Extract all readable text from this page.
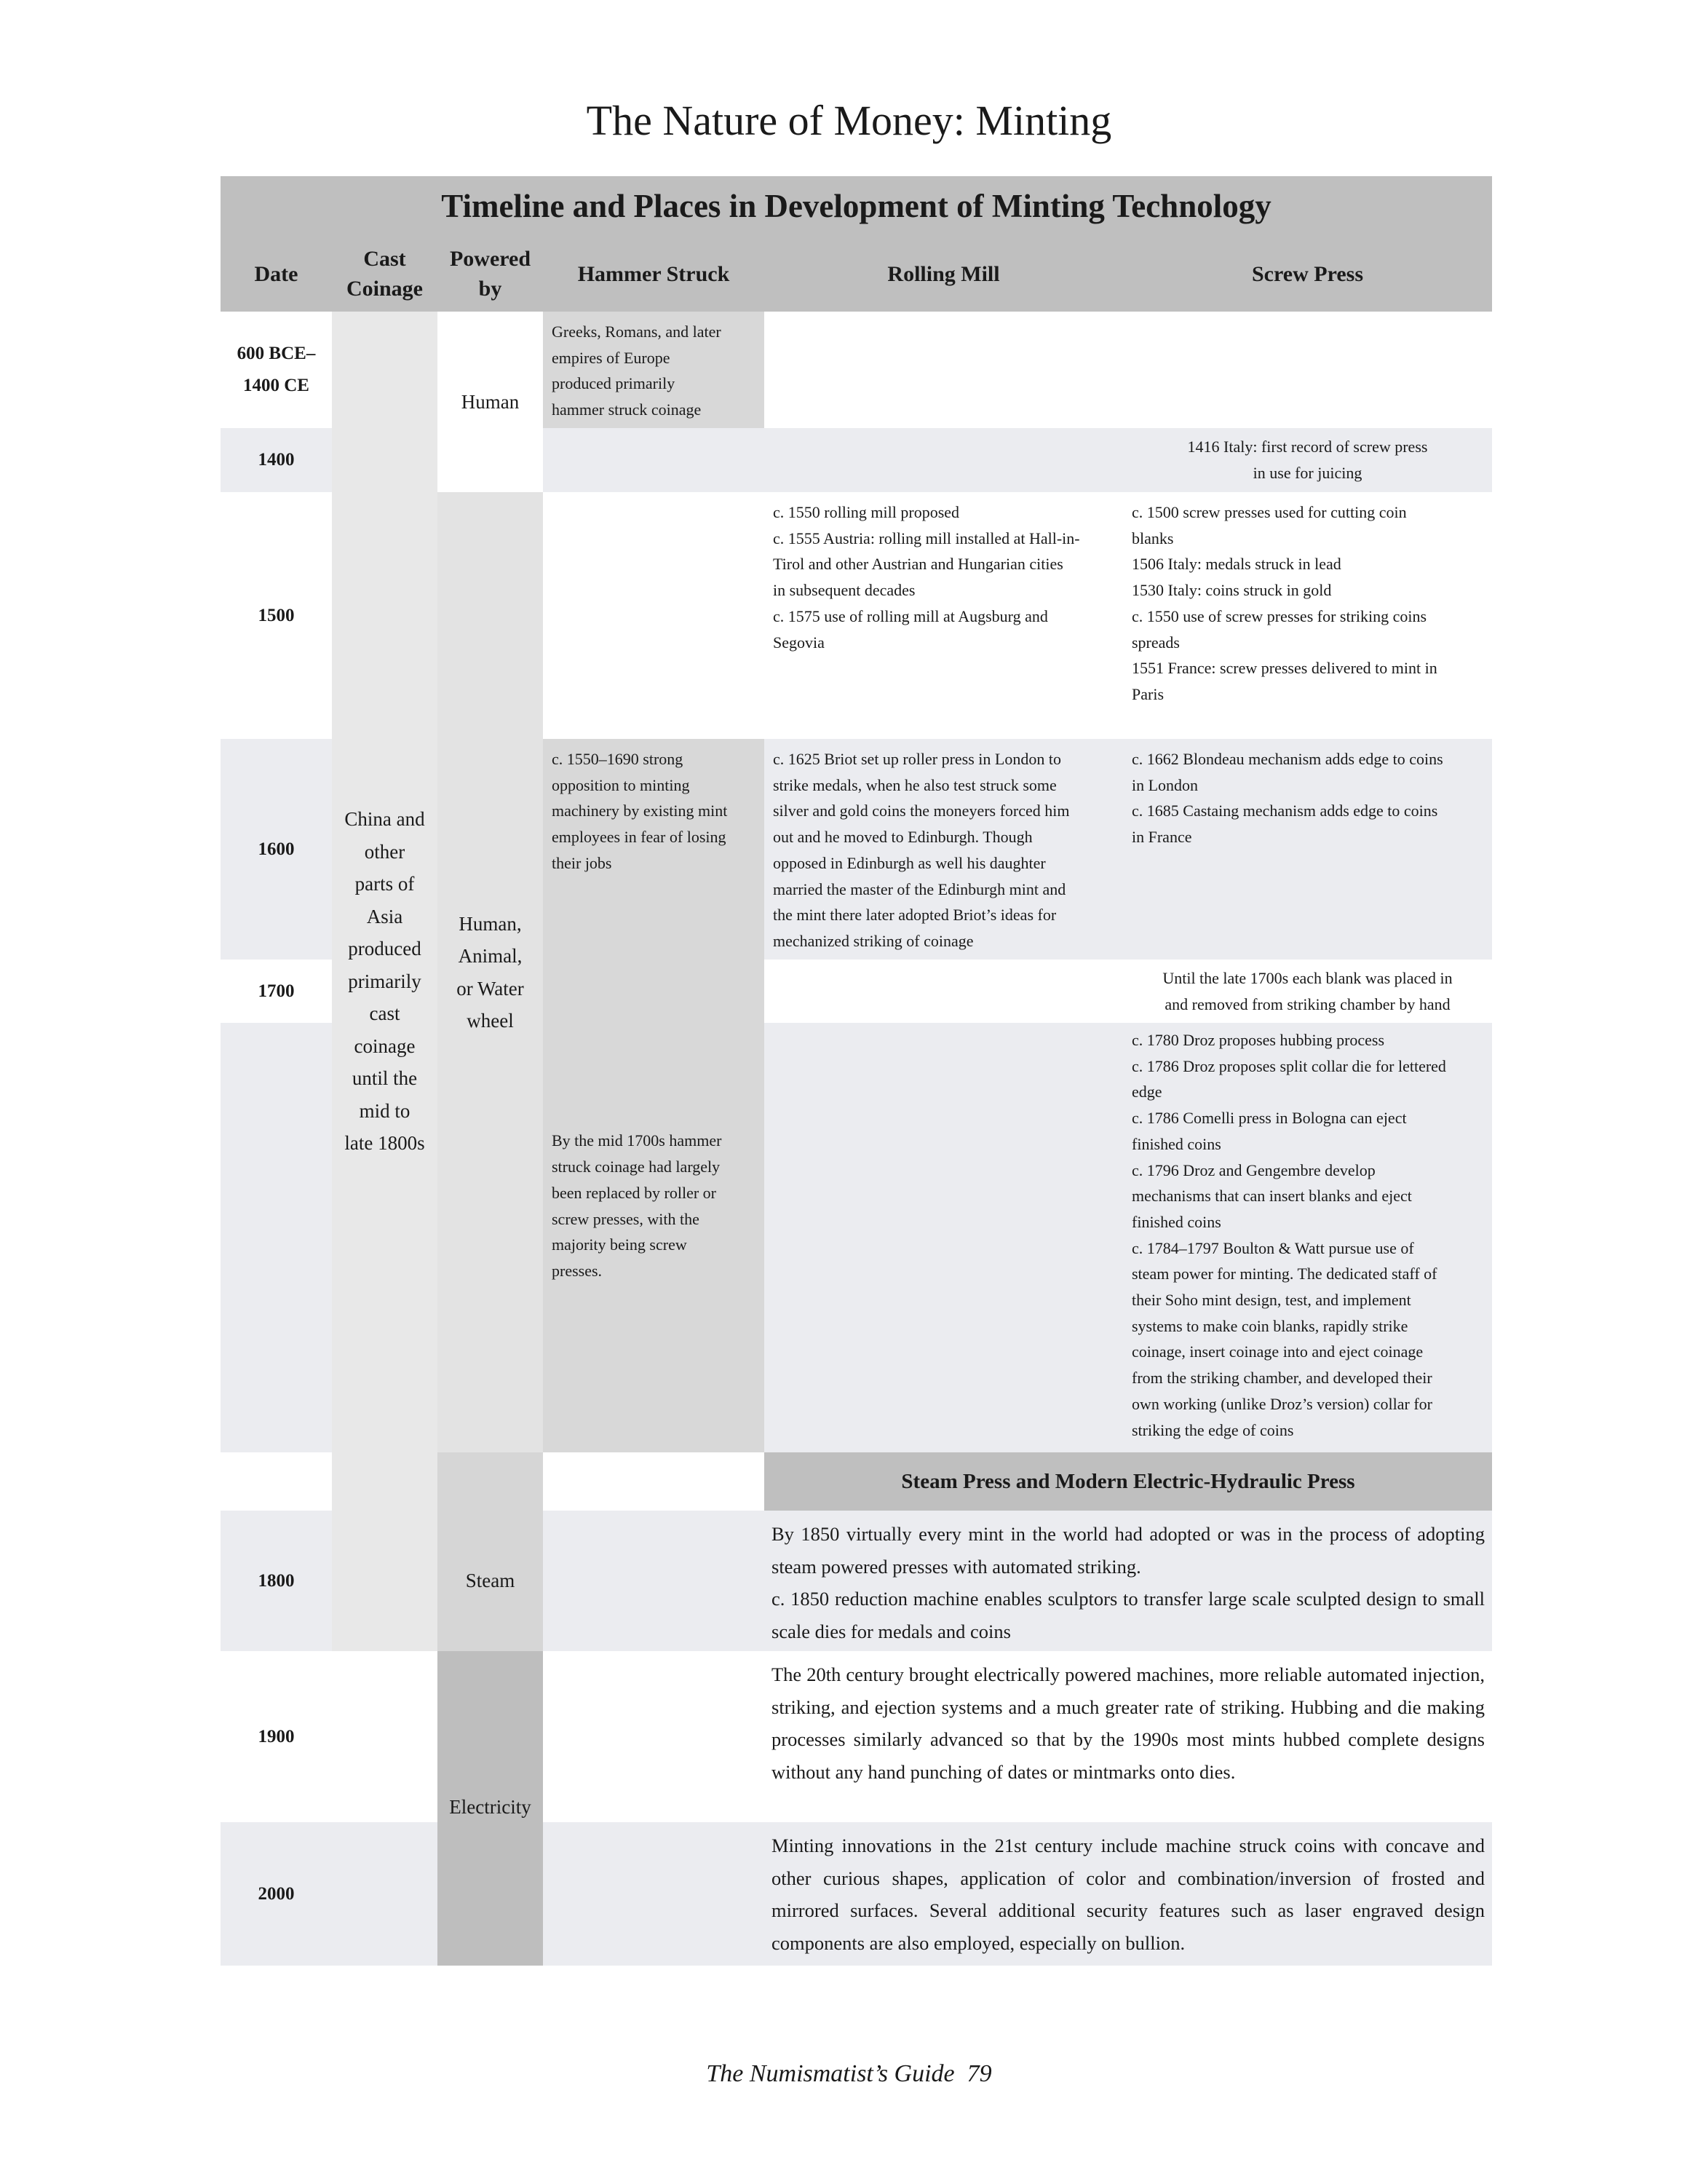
The Nature of Money: Minting
Timeline and Places in Development of Minting Technology
Date
Cast
Coinage
Powered
by
Hammer Struck	Rolling Mill	Screw Press
China and
other
parts of
Asia
produced
primarily
cast
coinage
until the
mid to
late 1800s
Human
Human,
Animal,
or Water
wheel
Steam
Electricity
600 BCE–
1400 CE
1400
1500
1600
1700
1800
1900
2000
Greeks, Romans, and later
empires of Europe
produced primarily
hammer struck coinage
c. 1550–1690 strong
opposition to minting
machinery by existing mint
employees in fear of losing
their jobs
By the mid 1700s hammer
struck coinage had largely
been replaced by roller or
screw presses, with the
majority being screw
presses.
1416 Italy: first record of screw press
in use for juicing
c. 1550 rolling mill proposed
c. 1555 Austria: rolling mill installed at Hall-in-
Tirol and other Austrian and Hungarian cities
in subsequent decades
c. 1575 use of rolling mill at Augsburg and
Segovia
c. 1500 screw presses used for cutting coin
blanks
1506 Italy: medals struck in lead
1530 Italy: coins struck in gold
c. 1550 use of screw presses for striking coins
spreads
1551 France: screw presses delivered to mint in
Paris
c. 1625 Briot set up roller press in London to
strike medals, when he also test struck some
silver and gold coins the moneyers forced him
out and he moved to Edinburgh. Though
opposed in Edinburgh as well his daughter
married the master of the Edinburgh mint and
the mint there later adopted Briot’s ideas for
mechanized striking of coinage
c. 1662 Blondeau mechanism adds edge to coins
in London
c. 1685 Castaing mechanism adds edge to coins
in France
Until the late 1700s each blank was placed in
and removed from striking chamber by hand
c. 1780 Droz proposes hubbing process
c. 1786 Droz proposes split collar die for lettered
edge
c. 1786 Comelli press in Bologna can eject
finished coins
c. 1796 Droz and Gengembre develop
mechanisms that can insert blanks and eject
finished coins
c. 1784–1797 Boulton & Watt pursue use of
steam power for minting. The dedicated staff of
their Soho mint design, test, and implement
systems to make coin blanks, rapidly strike
coinage, insert coinage into and eject coinage
from the striking chamber, and developed their
own working (unlike Droz’s version) collar for
striking the edge of coins
Steam Press and Modern Electric-Hydraulic Press
By 1850 virtually every mint in the world had adopted or was in the process of adopting steam powered presses with automated striking.
c. 1850 reduction machine enables sculptors to transfer large scale sculpted design to small scale dies for medals and coins
The 20th century brought electrically powered machines, more reliable automated injection, striking, and ejection systems and a much greater rate of striking. Hubbing and die making processes similarly advanced so that by the 1990s most mints hubbed complete designs without any hand punching of dates or mintmarks onto dies.
Minting innovations in the 21st century include machine struck coins with concave and other curious shapes, application of color and combination/inversion of frosted and mirrored surfaces. Several additional security features such as laser engraved design components are also employed, especially on bullion.
The Numismatist’s Guide 79
